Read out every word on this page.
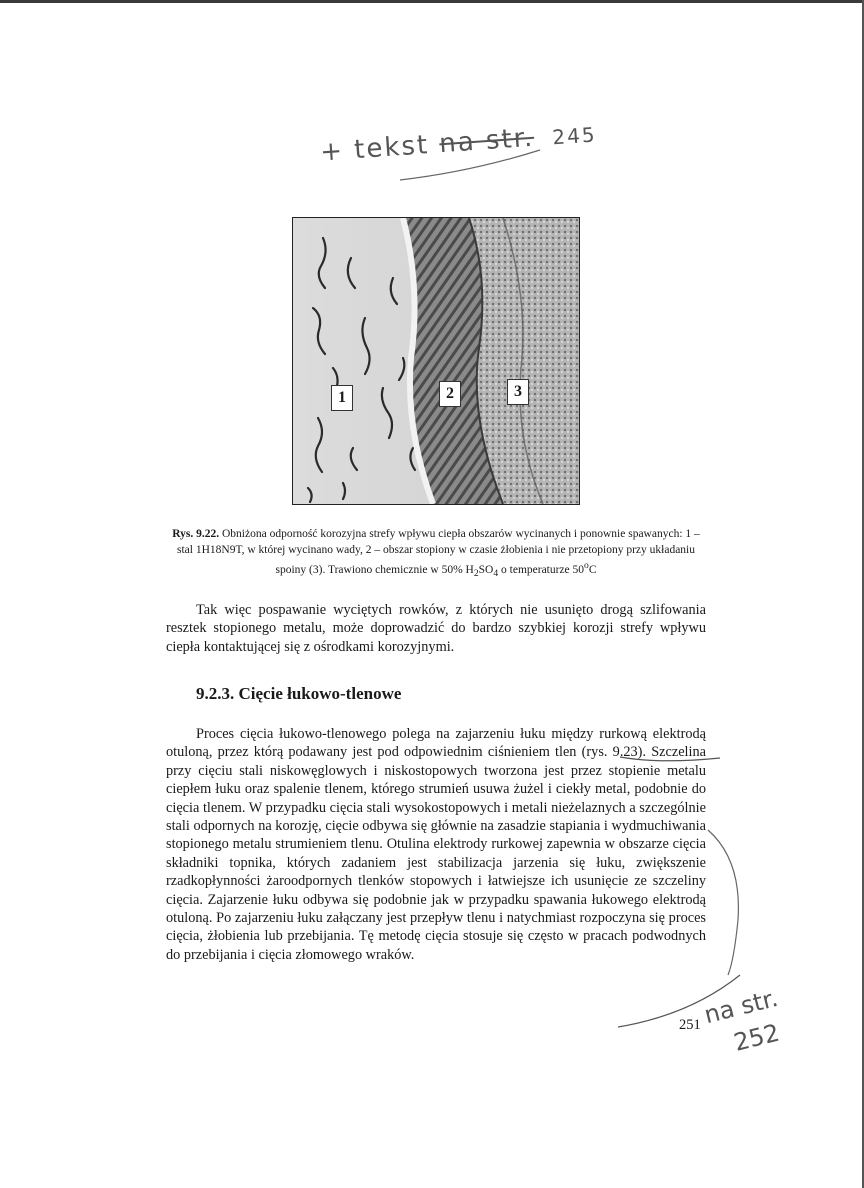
+ tekst na str. 245
1	2	3
Rys. 9.22. Obniżona odporność korozyjna strefy wpływu ciepła obszarów wycinanych i ponownie spawanych: 1 – stal 1H18N9T, w której wycinano wady, 2 – obszar stopiony w czasie żłobienia i nie przetopiony przy układaniu spoiny (3). Trawiono chemicznie w 50% $H_2SO_4$ o temperaturze 50$^o$C

Tak więc pospawanie wyciętych rowków, z których nie usunięto drogą szlifowania resztek stopionego metalu, może doprowadzić do bardzo szybkiej korozji strefy wpływu ciepła kontaktującej się z ośrodkami korozyjnymi.

9.2.3. Cięcie łukowo-tlenowe

Proces cięcia łukowo-tlenowego polega na zajarzeniu łuku między rurkową elektrodą otuloną, przez którą podawany jest pod odpowiednim ciśnieniem tlen (rys. 9.23). Szczelina przy cięciu stali niskowęglowych i niskostopowych tworzona jest przez stopienie metalu ciepłem łuku oraz spalenie tlenem, którego strumień usuwa żużel i ciekły metal, podobnie do cięcia tlenem. W przypadku cięcia stali wysokostopowych i metali nieżelaznych a szczególnie stali odpornych na korozję, cięcie odbywa się głównie na zasadzie stapiania i wydmuchiwania stopionego metalu strumieniem tlenu. Otulina elektrody rurkowej zapewnia w obszarze cięcia składniki topnika, których zadaniem jest stabilizacja jarzenia się łuku, zwiększenie rzadkopłynności żaroodpornych tlenków stopowych i łatwiejsze ich usunięcie ze szczeliny cięcia. Zajarzenie łuku odbywa się podobnie jak w przypadku spawania łukowego elektrodą otuloną. Po zajarzeniu łuku załączany jest przepływ tlenu i natychmiast rozpoczyna się proces cięcia, żłobienia lub przebijania. Tę metodę cięcia stosuje się często w pracach podwodnych do przebijania i cięcia złomowego wraków.

251 na str.
252
